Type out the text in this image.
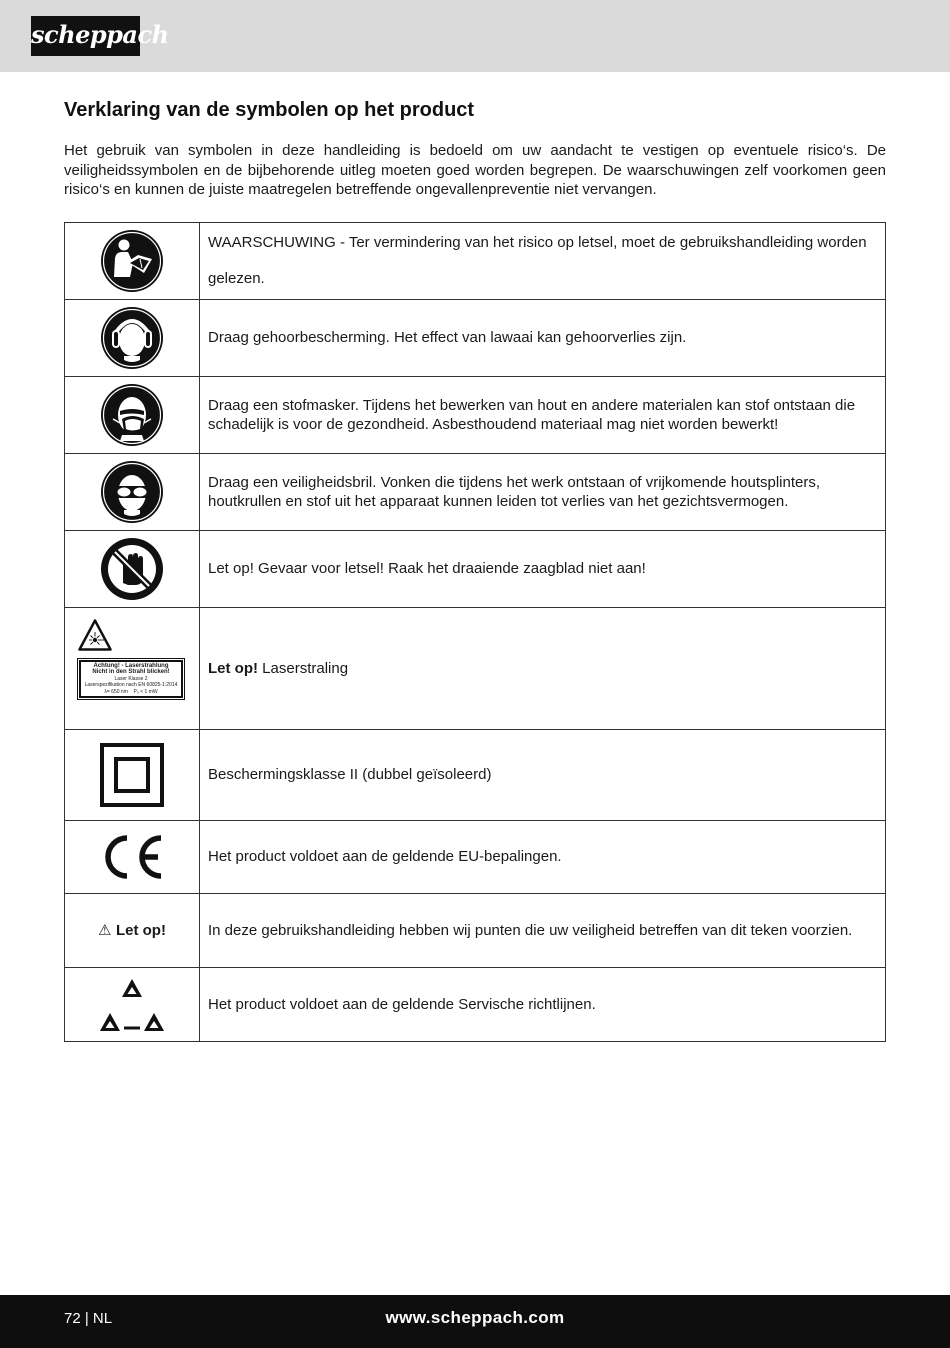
scheppach
Verklaring van de symbolen op het product

Het gebruik van symbolen in deze handleiding is bedoeld om uw aandacht te vestigen op eventuele risico‘s. De veiligheidssymbolen en de bijbehorende uitleg moeten goed worden begrepen. De waarschuwingen zelf voorkomen geen risico‘s en kunnen de juiste maatregelen betreffende ongevallenpreventie niet vervangen.

WAARSCHUWING - Ter vermindering van het risico op letsel, moet de gebruikshandleiding worden gelezen.

	Draag gehoorbescherming. Het effect van lawaai kan gehoorverlies zijn.

	Draag een stofmasker. Tijdens het bewerken van hout en andere materialen kan stof ontstaan die schadelijk is voor de gezondheid. Asbesthoudend materiaal mag niet worden bewerkt!

	Draag een veiligheidsbril. Vonken die tijdens het werk ontstaan of vrijkomende houtsplinters, houtkrullen en stof uit het apparaat kunnen leiden tot verlies van het gezichtsvermogen.

	Let op! Gevaar voor letsel! Raak het draaiende zaagblad niet aan!

Achtung! - Laserstrahlung
Nicht in den Strahl blicken!
Laser Klasse 2
Laserspezifikation nach EN 60825-1:2014
λ= 650 nm P₀ < 1 mW	Let op! Laserstraling

	Beschermingsklasse II (dubbel geïsoleerd)

	Het product voldoet aan de geldende EU-bepalingen.
⚠ Let op!	In deze gebruikshandleiding hebben wij punten die uw veiligheid betreffen van dit teken voorzien.

	Het product voldoet aan de geldende Servische richtlijnen.
72 | NL	www.scheppach.com
